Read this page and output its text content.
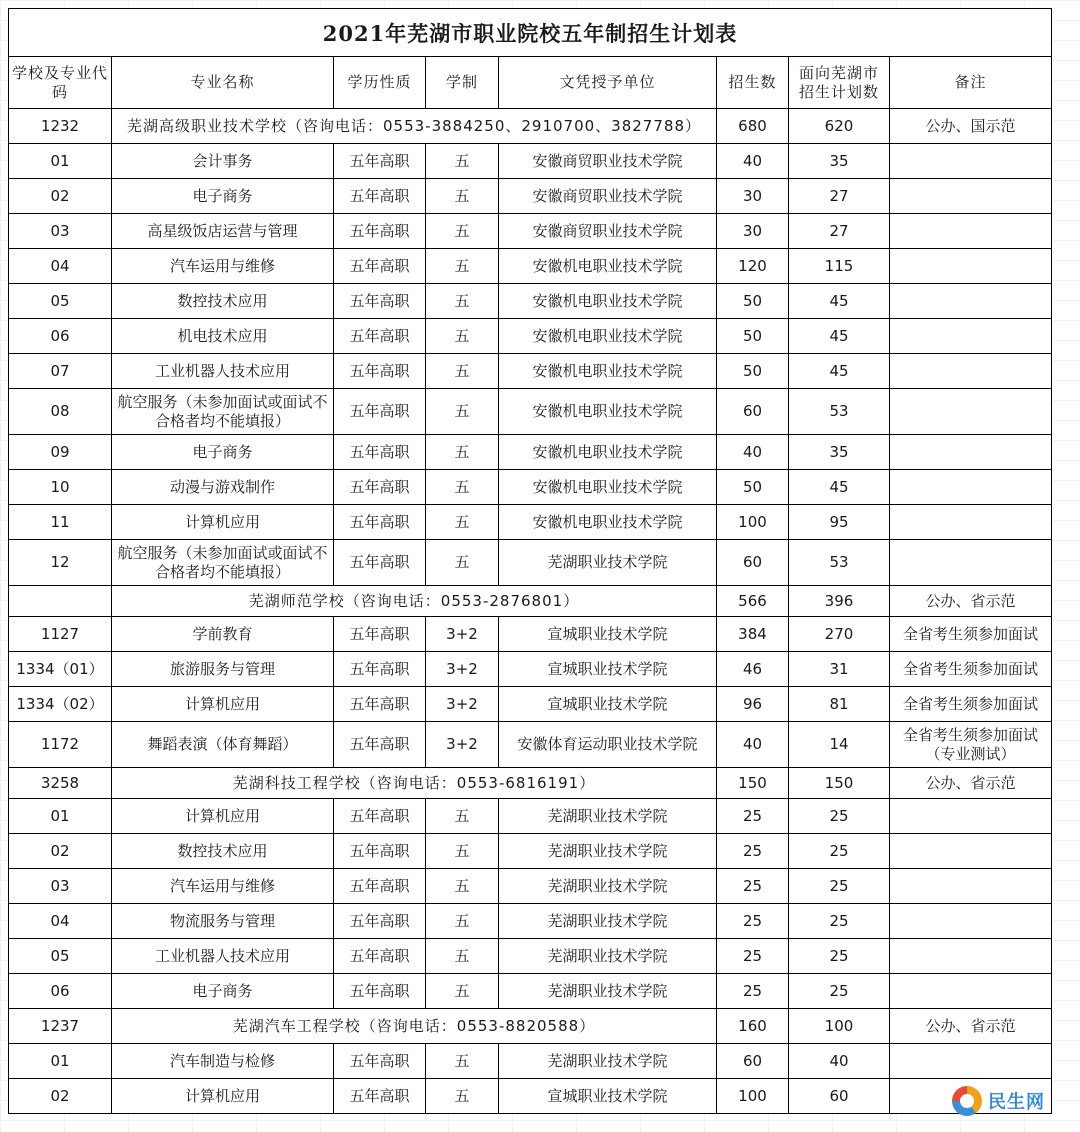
2021年芜湖市职业院校五年制招生计划表
学校及专业代码	专业名称	学历性质	学制	文凭授予单位	招生数	面向芜湖市招生计划数	备注
1232	芜湖高级职业技术学校（咨询电话：0553-3884250、2910700、3827788）				680	620	公办、国示范
01	会计事务	五年高职	五	安徽商贸职业技术学院	40	35	
02	电子商务	五年高职	五	安徽商贸职业技术学院	30	27	
03	高星级饭店运营与管理	五年高职	五	安徽商贸职业技术学院	30	27	
04	汽车运用与维修	五年高职	五	安徽机电职业技术学院	120	115	
05	数控技术应用	五年高职	五	安徽机电职业技术学院	50	45	
06	机电技术应用	五年高职	五	安徽机电职业技术学院	50	45	
07	工业机器人技术应用	五年高职	五	安徽机电职业技术学院	50	45	
08	航空服务（未参加面试或面试不合格者均不能填报）	五年高职	五	安徽机电职业技术学院	60	53	
09	电子商务	五年高职	五	安徽机电职业技术学院	40	35	
10	动漫与游戏制作	五年高职	五	安徽机电职业技术学院	50	45	
11	计算机应用	五年高职	五	安徽机电职业技术学院	100	95	
12	航空服务（未参加面试或面试不合格者均不能填报）	五年高职	五	芜湖职业技术学院	60	53	
	芜湖师范学校（咨询电话：0553-2876801）				566	396	公办、省示范
1127	学前教育	五年高职	3+2	宣城职业技术学院	384	270	全省考生须参加面试
1334（01）	旅游服务与管理	五年高职	3+2	宣城职业技术学院	46	31	全省考生须参加面试
1334（02）	计算机应用	五年高职	3+2	宣城职业技术学院	96	81	全省考生须参加面试
1172	舞蹈表演（体育舞蹈）	五年高职	3+2	安徽体育运动职业技术学院	40	14	全省考生须参加面试（专业测试）
3258	芜湖科技工程学校（咨询电话：0553-6816191）				150	150	公办、省示范
01	计算机应用	五年高职	五	芜湖职业技术学院	25	25	
02	数控技术应用	五年高职	五	芜湖职业技术学院	25	25	
03	汽车运用与维修	五年高职	五	芜湖职业技术学院	25	25	
04	物流服务与管理	五年高职	五	芜湖职业技术学院	25	25	
05	工业机器人技术应用	五年高职	五	芜湖职业技术学院	25	25	
06	电子商务	五年高职	五	芜湖职业技术学院	25	25	
1237	芜湖汽车工程学校（咨询电话：0553-8820588）				160	100	公办、省示范
01	汽车制造与检修	五年高职	五	芜湖职业技术学院	60	40	
02	计算机应用	五年高职	五	宣城职业技术学院	100	60		民生网
